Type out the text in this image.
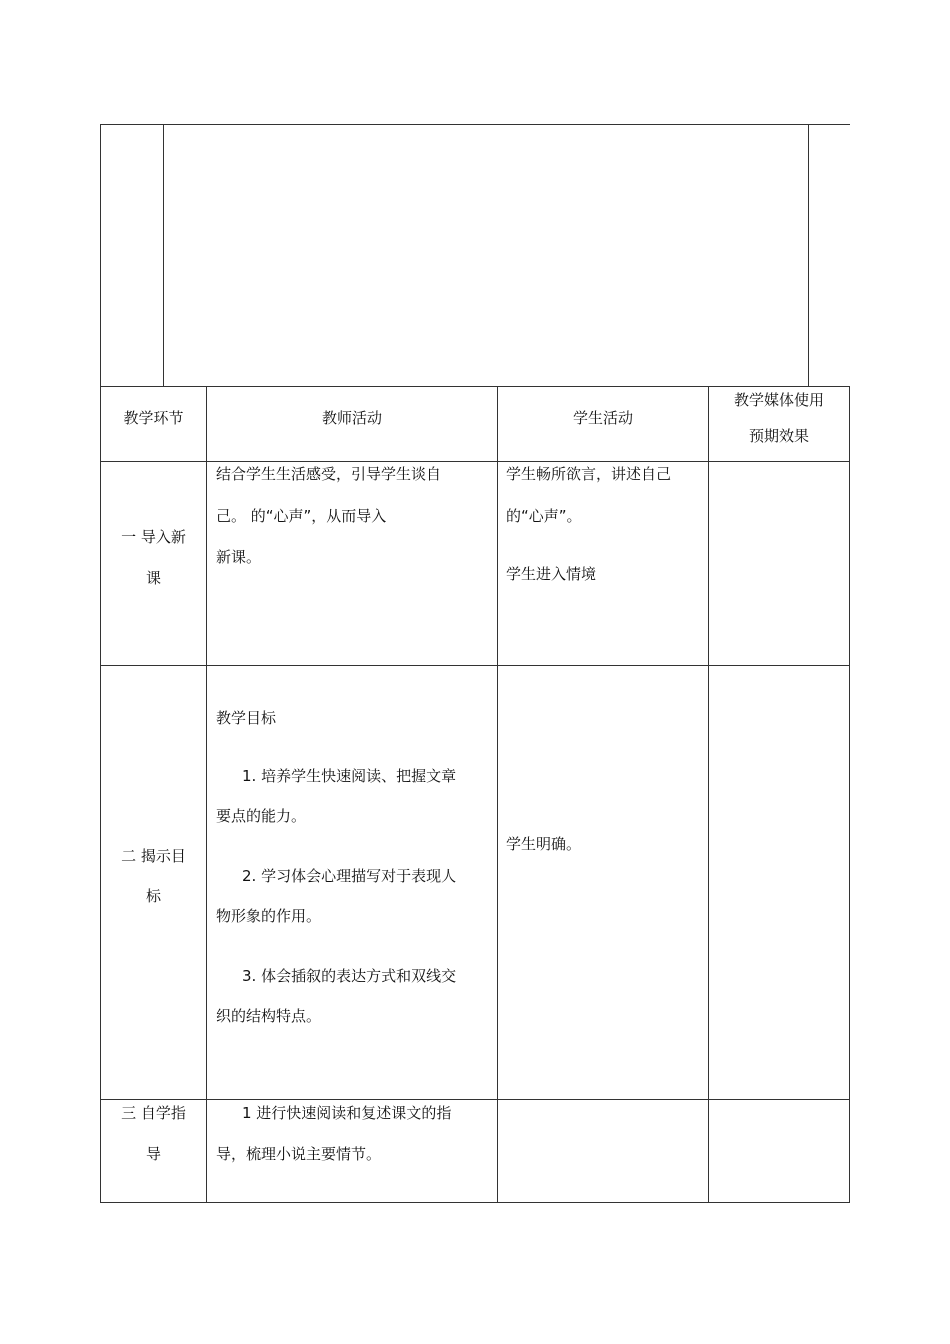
教学环节	教师活动	学生活动
教学媒体使用
预期效果
一 导入新
课
结合学生生活感受，引导学生谈自
己。 的“心声”，从而导入
新课。
学生畅所欲言，讲述自己
的“心声”。
学生进入情境
二 揭示目
标
教学目标
1. 培养学生快速阅读、把握文章
要点的能力。
2. 学习体会心理描写对于表现人
物形象的作用。
3. 体会插叙的表达方式和双线交
织的结构特点。
学生明确。
三 自学指
导
1 进行快速阅读和复述课文的指
导，梳理小说主要情节。
